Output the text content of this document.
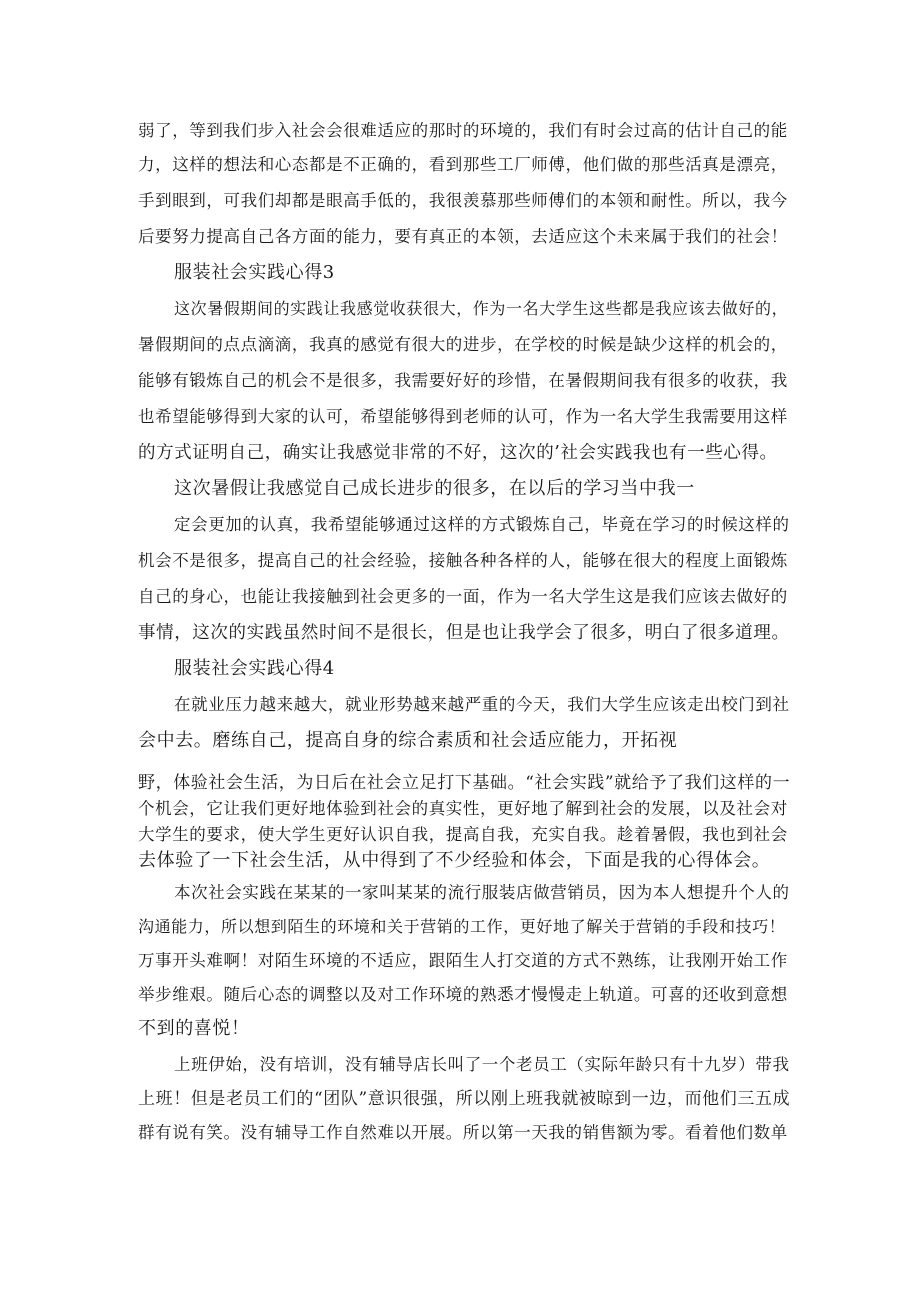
弱了，等到我们步入社会会很难适应的那时的环境的，我们有时会过高的估计自己的能
力，这样的想法和心态都是不正确的，看到那些工厂师傅，他们做的那些活真是漂亮，
手到眼到，可我们却都是眼高手低的，我很羡慕那些师傅们的本领和耐性。所以，我今
后要努力提高自己各方面的能力，要有真正的本领，去适应这个未来属于我们的社会！
服装社会实践心得3
这次暑假期间的实践让我感觉收获很大，作为一名大学生这些都是我应该去做好的，
暑假期间的点点滴滴，我真的感觉有很大的进步，在学校的时候是缺少这样的机会的，
能够有锻炼自己的机会不是很多，我需要好好的珍惜，在暑假期间我有很多的收获，我
也希望能够得到大家的认可，希望能够得到老师的认可，作为一名大学生我需要用这样
的方式证明自己，确实让我感觉非常的不好，这次的’社会实践我也有一些心得。
这次暑假让我感觉自己成长进步的很多，在以后的学习当中我一
定会更加的认真，我希望能够通过这样的方式锻炼自己，毕竟在学习的时候这样的
机会不是很多，提高自己的社会经验，接触各种各样的人，能够在很大的程度上面锻炼
自己的身心，也能让我接触到社会更多的一面，作为一名大学生这是我们应该去做好的
事情，这次的实践虽然时间不是很长，但是也让我学会了很多，明白了很多道理。
服装社会实践心得4
在就业压力越来越大，就业形势越来越严重的今天，我们大学生应该走出校门到社
会中去。磨练自己，提高自身的综合素质和社会适应能力，开拓视
野，体验社会生活，为日后在社会立足打下基础。“社会实践”就给予了我们这样的一
个机会，它让我们更好地体验到社会的真实性，更好地了解到社会的发展，以及社会对
大学生的要求，使大学生更好认识自我，提高自我，充实自我。趁着暑假，我也到社会
去体验了一下社会生活，从中得到了不少经验和体会，下面是我的心得体会。
本次社会实践在某某的一家叫某某的流行服装店做营销员，因为本人想提升个人的
沟通能力，所以想到陌生的环境和关于营销的工作，更好地了解关于营销的手段和技巧！
万事开头难啊！对陌生环境的不适应，跟陌生人打交道的方式不熟练，让我刚开始工作
举步维艰。随后心态的调整以及对工作环境的熟悉才慢慢走上轨道。可喜的还收到意想
不到的喜悦！
上班伊始，没有培训，没有辅导店长叫了一个老员工（实际年龄只有十九岁）带我
上班！但是老员工们的“团队”意识很强，所以刚上班我就被晾到一边，而他们三五成
群有说有笑。没有辅导工作自然难以开展。所以第一天我的销售额为零。看着他们数单
